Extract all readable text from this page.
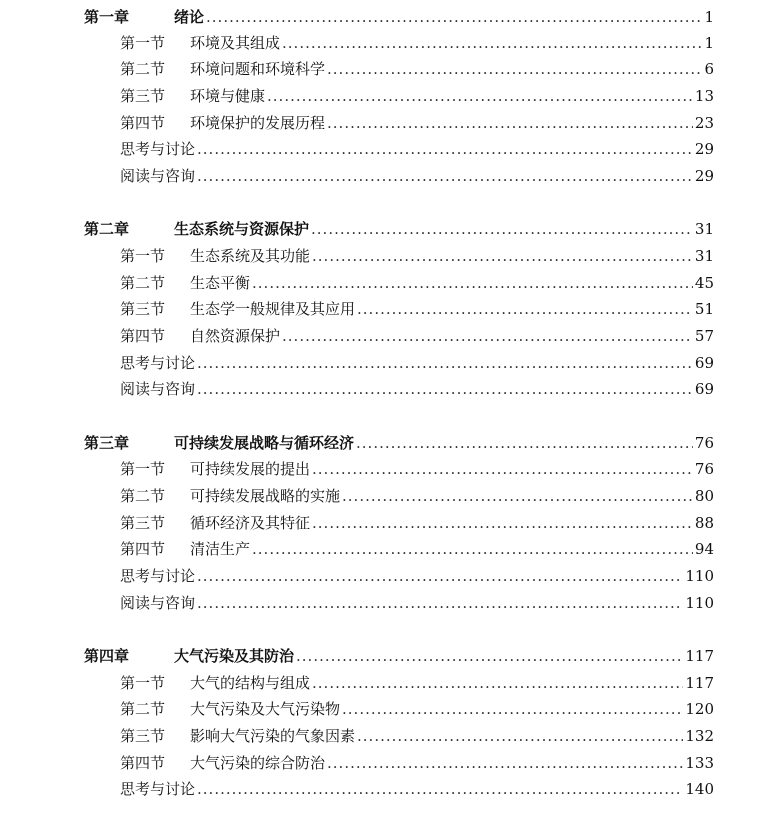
第一章	绪论 .....	1
第一节	环境及其组成 .....	1
第二节	环境问题和环境科学 .....	6
第三节	环境与健康 .....	13
第四节	环境保护的发展历程 .....	23
思考与讨论 .....	29
阅读与咨询 .....	29
第二章	生态系统与资源保护 .....	31
第一节	生态系统及其功能 .....	31
第二节	生态平衡 .....	45
第三节	生态学一般规律及其应用 .....	51
第四节	自然资源保护 .....	57
思考与讨论 .....	69
阅读与咨询 .....	69
第三章	可持续发展战略与循环经济 .....	76
第一节	可持续发展的提出 .....	76
第二节	可持续发展战略的实施 .....	80
第三节	循环经济及其特征 .....	88
第四节	清洁生产 .....	94
思考与讨论 .....	110
阅读与咨询 .....	110
第四章	大气污染及其防治 .....	117
第一节	大气的结构与组成 .....	117
第二节	大气污染及大气污染物 .....	120
第三节	影响大气污染的气象因素 .....	132
第四节	大气污染的综合防治 .....	133
思考与讨论 .....	140
